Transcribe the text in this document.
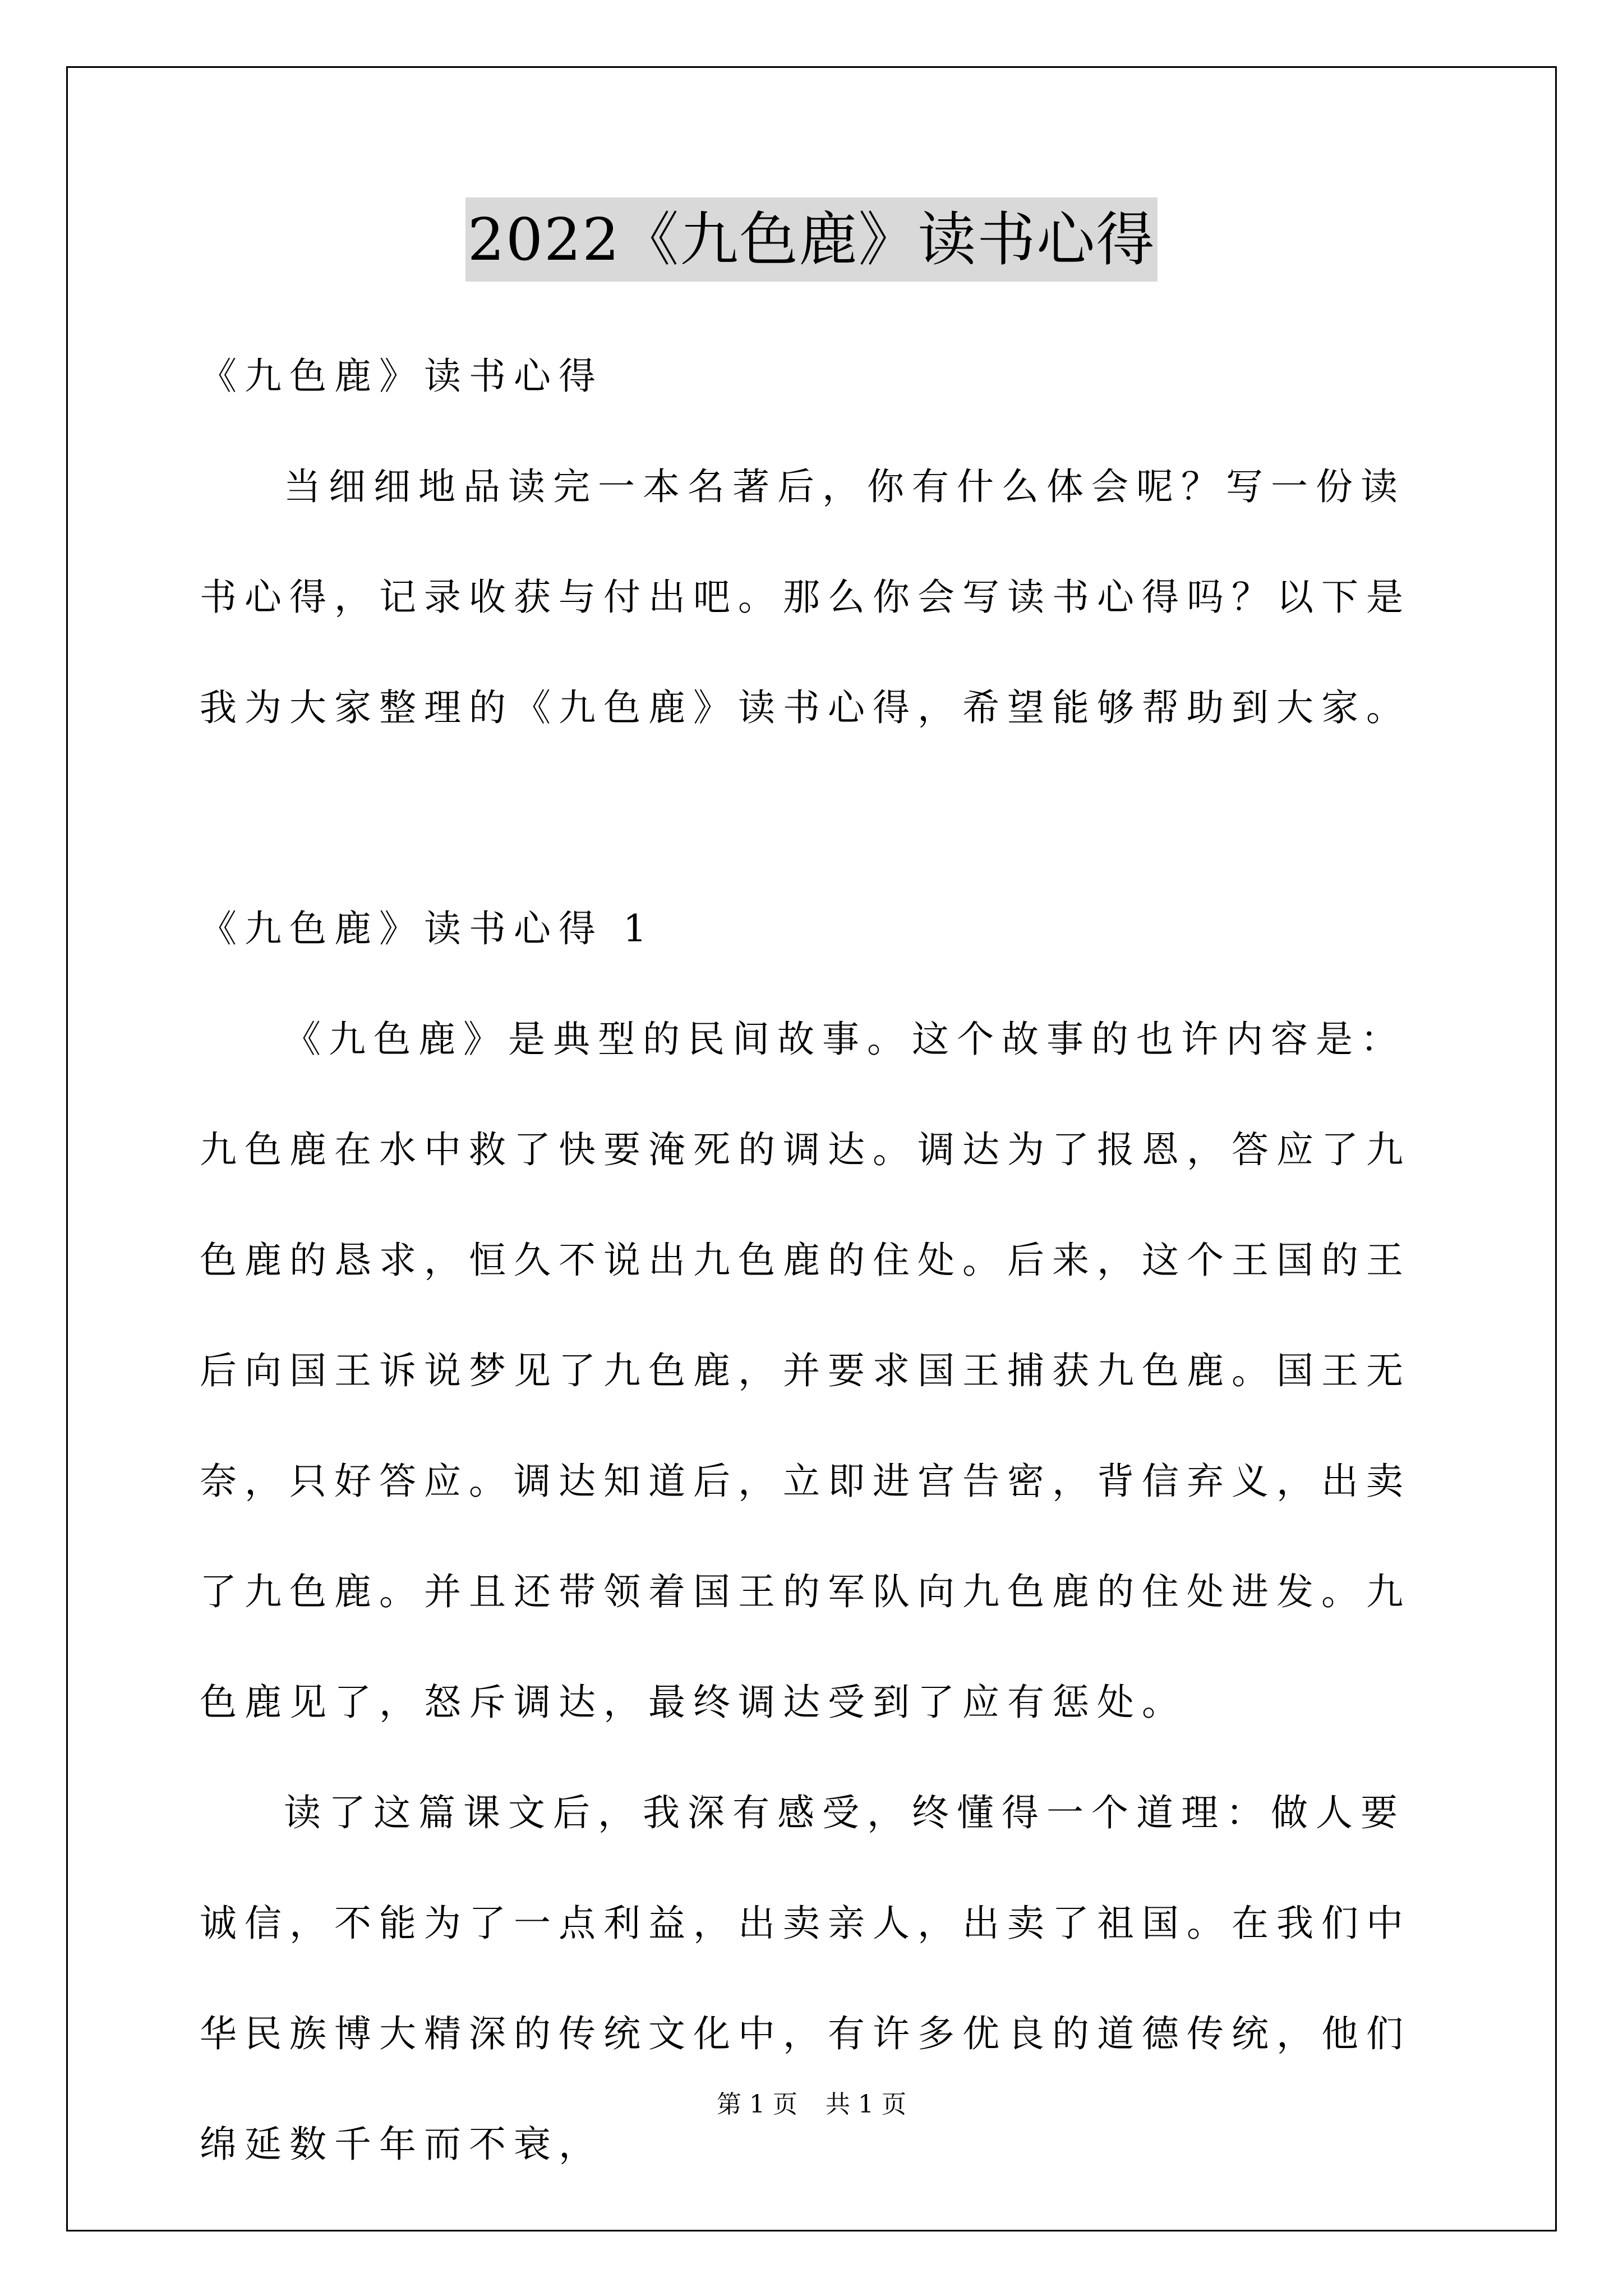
2022《九色鹿》读书心得

《九色鹿》读书心得

当细细地品读完一本名著后，你有什么体会呢？写一份读书心得，记录收获与付出吧。那么你会写读书心得吗？以下是我为大家整理的《九色鹿》读书心得，希望能够帮助到大家。

《九色鹿》读书心得 1

《九色鹿》是典型的民间故事。这个故事的也许内容是：九色鹿在水中救了快要淹死的调达。调达为了报恩，答应了九色鹿的恳求，恒久不说出九色鹿的住处。后来，这个王国的王后向国王诉说梦见了九色鹿，并要求国王捕获九色鹿。国王无奈，只好答应。调达知道后，立即进宫告密，背信弃义，出卖了九色鹿。并且还带领着国王的军队向九色鹿的住处进发。九色鹿见了，怒斥调达，最终调达受到了应有惩处。

读了这篇课文后，我深有感受，终懂得一个道理：做人要诚信，不能为了一点利益，出卖亲人，出卖了祖国。在我们中华民族博大精深的传统文化中，有许多优良的道德传统，他们绵延数千年而不衰，

第 1 页 共 1 页
